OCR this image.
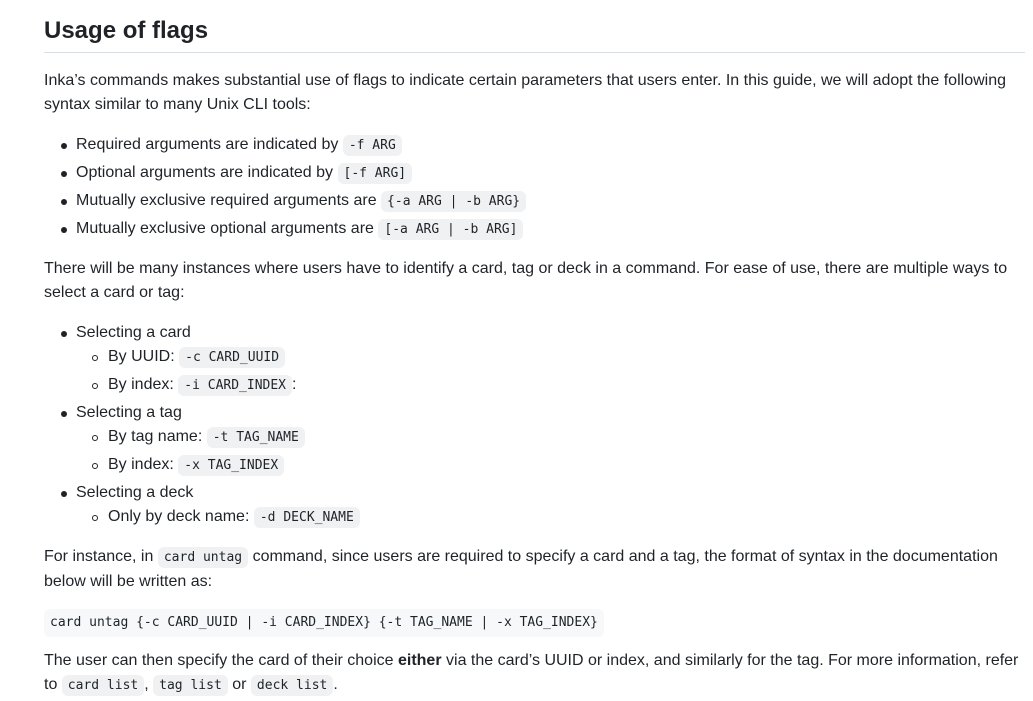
Usage of flags

Inka’s commands makes substantial use of flags to indicate certain parameters that users enter. In this guide, we will adopt the following syntax similar to many Unix CLI tools:

Required arguments are indicated by -f ARG
Optional arguments are indicated by [-f ARG]
Mutually exclusive required arguments are {-a ARG | -b ARG}
Mutually exclusive optional arguments are [-a ARG | -b ARG]

There will be many instances where users have to identify a card, tag or deck in a command. For ease of use, there are multiple ways to select a card or tag:

Selecting a card
By UUID: -c CARD_UUID
By index: -i CARD_INDEX :
Selecting a tag
By tag name: -t TAG_NAME
By index: -x TAG_INDEX
Selecting a deck
Only by deck name: -d DECK_NAME

For instance, in card untag command, since users are required to specify a card and a tag, the format of syntax in the documentation below will be written as:

card untag {-c CARD_UUID | -i CARD_INDEX} {-t TAG_NAME | -x TAG_INDEX}

The user can then specify the card of their choice either via the card’s UUID or index, and similarly for the tag. For more information, refer to card list , tag list or deck list .
